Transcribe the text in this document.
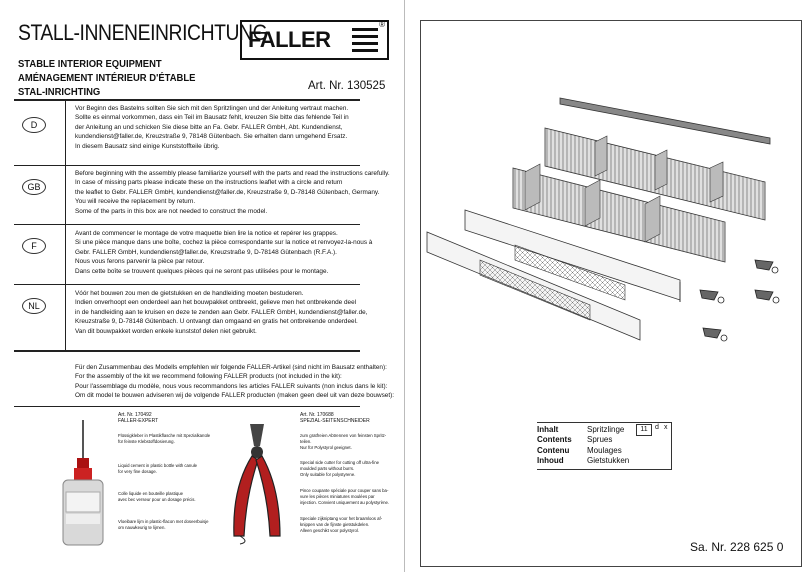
STALL-INNENEINRICHTUNG
STABLE INTERIOR EQUIPMENT
AMÉNAGEMENT INTÉRIEUR D'ÉTABLE
STAL-INRICHTING
FALLER
®
Art. Nr. 130525
D
Vor Beginn des Bastelns sollten Sie sich mit den Spritzlingen und der Anleitung vertraut machen.
Sollte es einmal vorkommen, dass ein Teil im Bausatz fehlt, kreuzen Sie bitte das fehlende Teil in
der Anleitung an und schicken Sie diese bitte an Fa. Gebr. FALLER GmbH, Abt. Kundendienst,
kundendienst@faller.de, Kreuzstraße 9, 78148 Gütenbach. Sie erhalten dann umgehend Ersatz.
In diesem Bausatz sind einige Kunststoffteile übrig.
GB
Before beginning with the assembly please familiarize yourself with the parts and read the instructions carefully.
In case of missing parts please indicate these on the instructions leaflet with a circle and return
the leaflet to Gebr. FALLER GmbH, kundendienst@faller.de, Kreuzstraße 9, D-78148 Gütenbach, Germany.
You will receive the replacement by return.
Some of the parts in this box are not needed to construct the model.
F
Avant de commencer le montage de votre maquette bien lire la notice et repérer les grappes.
Si une pièce manque dans une boîte, cochez la pièce correspondante sur la notice et renvoyez-la-nous à
Gebr. FALLER GmbH, kundendienst@faller.de, Kreuzstraße 9, D-78148 Gütenbach (R.F.A.).
Nous vous ferons parvenir la pièce par retour.
Dans cette boîte se trouvent quelques pièces qui ne seront pas utilisées pour le montage.
NL
Vóór het bouwen zou men de gietstukken en de handleiding moeten bestuderen.
Indien onverhoopt een onderdeel aan het bouwpakket ontbreekt, gelieve men het ontbrekende deel
in de handleiding aan te kruisen en deze te zenden aan Gebr. FALLER GmbH, kundendienst@faller.de,
Kreuzstraße 9, D-78148 Gütenbach. U ontvangt dan omgaand en gratis het ontbrekende onderdeel.
Van dit bouwpakket worden enkele kunststof delen niet gebruikt.
Für den Zusammenbau des Modells empfehlen wir folgende FALLER-Artikel (sind nicht im Bausatz enthalten):
For the assembly of the kit we recommend following FALLER products (not included in the kit):
Pour l'assemblage du modèle, nous vous recommandons les articles FALLER suivants (non inclus dans le kit):
Om dit model te bouwen adviseren wij de volgende FALLER producten (maken geen deel uit van deze bouwset):
Art. Nr. 170492
FALLER-EXPERT
Flüssigkleber in Plastikflasche mit Spezialkanüle
für feinste Klebstoffdosierung.
Liquid cement in plastic bottle with canule
for very fine dosage.
Colle liquide en bouteille plastique
avec bec verseur pour un dosage précis.
Vloeibare lijm in plastic-flacon met doseerbuisje
om nauwkeurig te lijmen.
Art. Nr. 170688
SPEZIAL-SEITENSCHNEIDER
zum gratfreien Abtrennen von feinsten Spritz-
teilen.
Nur für Polystyrol geeignet.
Special side cutter for cutting off ultra-fine
moulded parts without burrs.
Only suitable for polystyrene.
Pince coupante spéciale pour couper sans ba-
vure les pièces miniatures moulées par
injection. Convient uniquement au polystyrène.
Speciale zijkniptang voor het braamloos af-
knippen van de fijnste gietstukdelen.
Alleen geschikt voor polystyrol.
Inhalt	Spritzlinge
Contents	Sprues
Contenu	Moulages
Inhoud	Gietstukken
11	d x
Sa. Nr. 228 625 0
